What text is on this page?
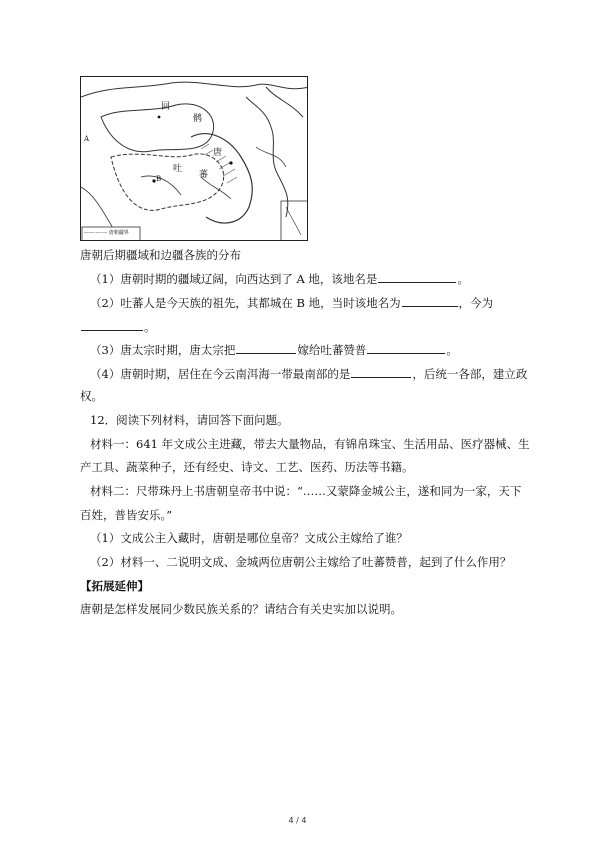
回
鹘
吐
蕃
唐
B
A
——·—·— 唐朝疆界
唐朝后期疆域和边疆各族的分布
（1）唐朝时期的疆域辽阔，向西达到了 A 地，该地名是	。
（2）吐蕃人是今天族的祖先，其都城在 B 地，当时该地名为	，今为
。
（3）唐太宗时期，唐太宗把	嫁给吐蕃赞普	。
（4）唐朝时期，居住在今云南洱海一带最南部的是	，后统一各部，建立政
权。
12．阅读下列材料，请回答下面问题。
材料一：641 年文成公主进藏，带去大量物品，有锦帛珠宝、生活用品、医疗器械、生
产工具、蔬菜种子，还有经史、诗文、工艺、医药、历法等书籍。
材料二：尺带珠丹上书唐朝皇帝书中说：“……又蒙降金城公主，遂和同为一家，天下
百姓，普皆安乐。”
（1）文成公主入藏时，唐朝是哪位皇帝？文成公主嫁给了谁？
（2）材料一、二说明文成、金城两位唐朝公主嫁给了吐蕃赞普，起到了什么作用？
【拓展延伸】
唐朝是怎样发展同少数民族关系的？请结合有关史实加以说明。
4 / 4
